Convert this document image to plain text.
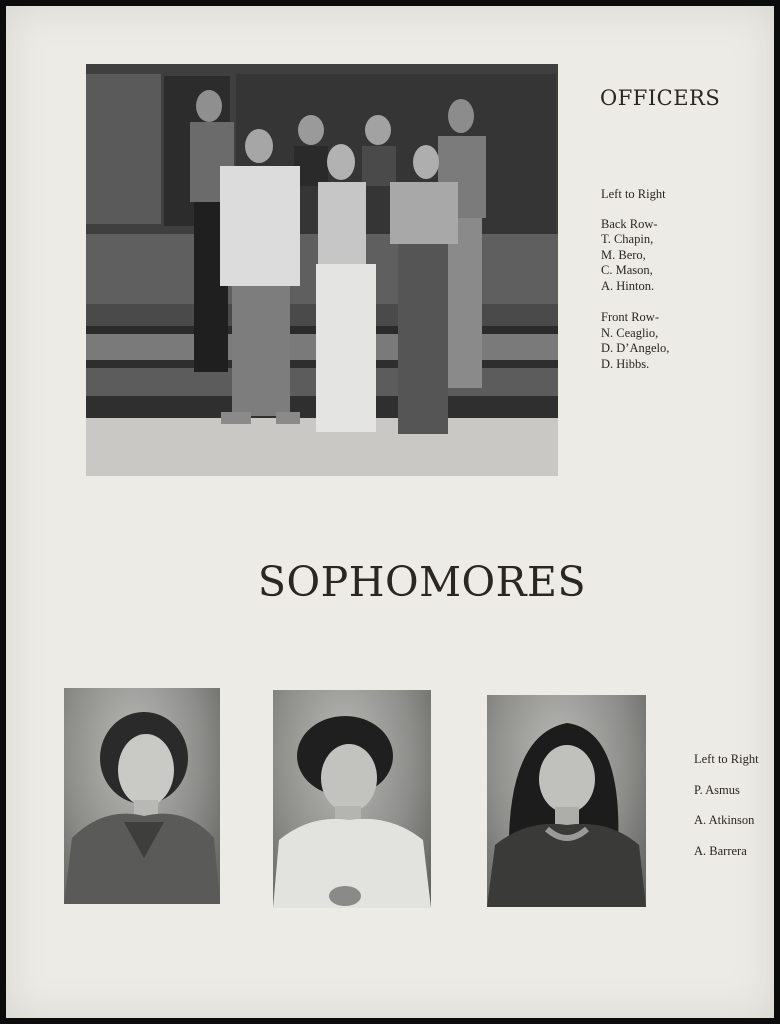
OFFICERS
Left to Right
Back Row-
T. Chapin,
M. Bero,
C. Mason,
A. Hinton.
Front Row-
N. Ceaglio,
D. D’Angelo,
D. Hibbs.
SOPHOMORES
Left to Right
P. Asmus
A. Atkinson
A. Barrera
